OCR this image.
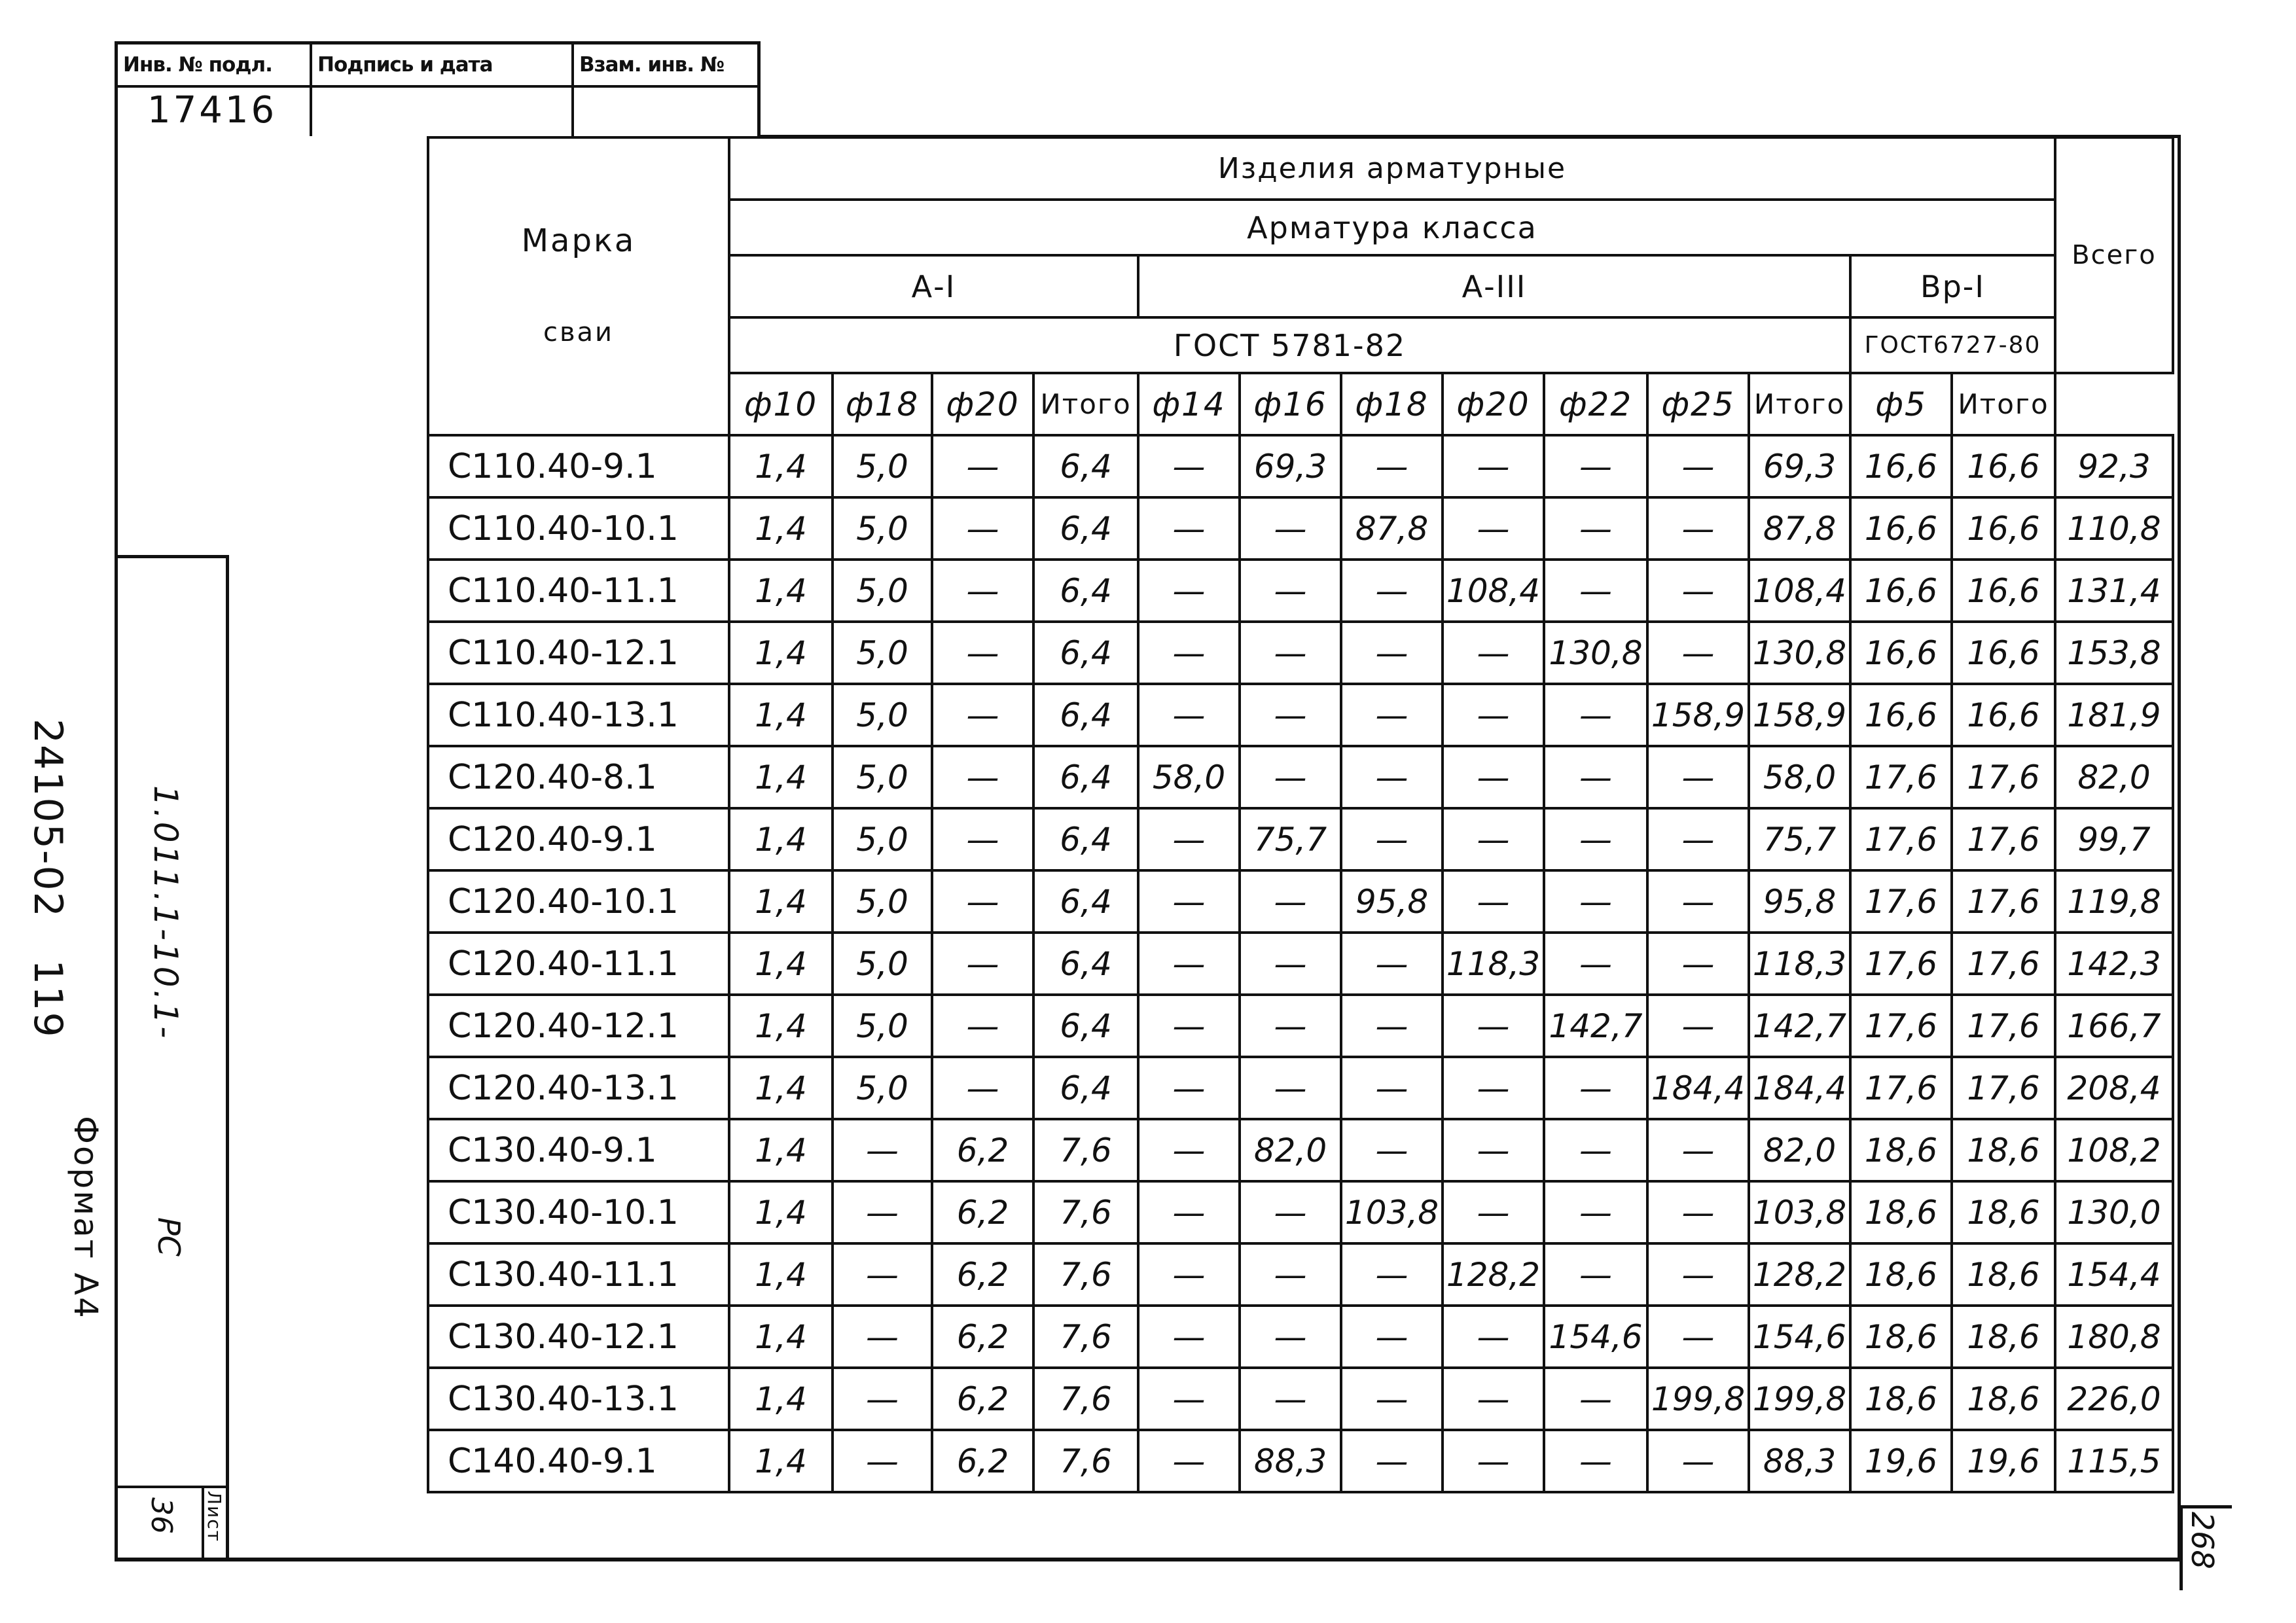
Инв. № подл.
17416
Подпись и дата	Взам. инв. №
24105-02   119 1.011.1-10.1-
РС
Формат А4
Лист
36	268
Марка
сваи	Изделия арматурные													Всего
	Арматура класса													
	А-I				А-III							Вр-I		
	ГОСТ 5781-82											ГОСТ6727-80		
	ф10	ф18	ф20	Итого	ф14	ф16	ф18	ф20	ф22	ф25	Итого	ф5	Итого	
С110.40-9.1	1,4	5,0	—	6,4	—	69,3	—	—	—	—	69,3	16,6	16,6	92,3
С110.40-10.1	1,4	5,0	—	6,4	—	—	87,8	—	—	—	87,8	16,6	16,6	110,8
С110.40-11.1	1,4	5,0	—	6,4	—	—	—	108,4	—	—	108,4	16,6	16,6	131,4
С110.40-12.1	1,4	5,0	—	6,4	—	—	—	—	130,8	—	130,8	16,6	16,6	153,8
С110.40-13.1	1,4	5,0	—	6,4	—	—	—	—	—	158,9	158,9	16,6	16,6	181,9
С120.40-8.1	1,4	5,0	—	6,4	58,0	—	—	—	—	—	58,0	17,6	17,6	82,0
С120.40-9.1	1,4	5,0	—	6,4	—	75,7	—	—	—	—	75,7	17,6	17,6	99,7
С120.40-10.1	1,4	5,0	—	6,4	—	—	95,8	—	—	—	95,8	17,6	17,6	119,8
С120.40-11.1	1,4	5,0	—	6,4	—	—	—	118,3	—	—	118,3	17,6	17,6	142,3
С120.40-12.1	1,4	5,0	—	6,4	—	—	—	—	142,7	—	142,7	17,6	17,6	166,7
С120.40-13.1	1,4	5,0	—	6,4	—	—	—	—	—	184,4	184,4	17,6	17,6	208,4
С130.40-9.1	1,4	—	6,2	7,6	—	82,0	—	—	—	—	82,0	18,6	18,6	108,2
С130.40-10.1	1,4	—	6,2	7,6	—	—	103,8	—	—	—	103,8	18,6	18,6	130,0
С130.40-11.1	1,4	—	6,2	7,6	—	—	—	128,2	—	—	128,2	18,6	18,6	154,4
С130.40-12.1	1,4	—	6,2	7,6	—	—	—	—	154,6	—	154,6	18,6	18,6	180,8
С130.40-13.1	1,4	—	6,2	7,6	—	—	—	—	—	199,8	199,8	18,6	18,6	226,0
С140.40-9.1	1,4	—	6,2	7,6	—	88,3	—	—	—	—	88,3	19,6	19,6	115,5
